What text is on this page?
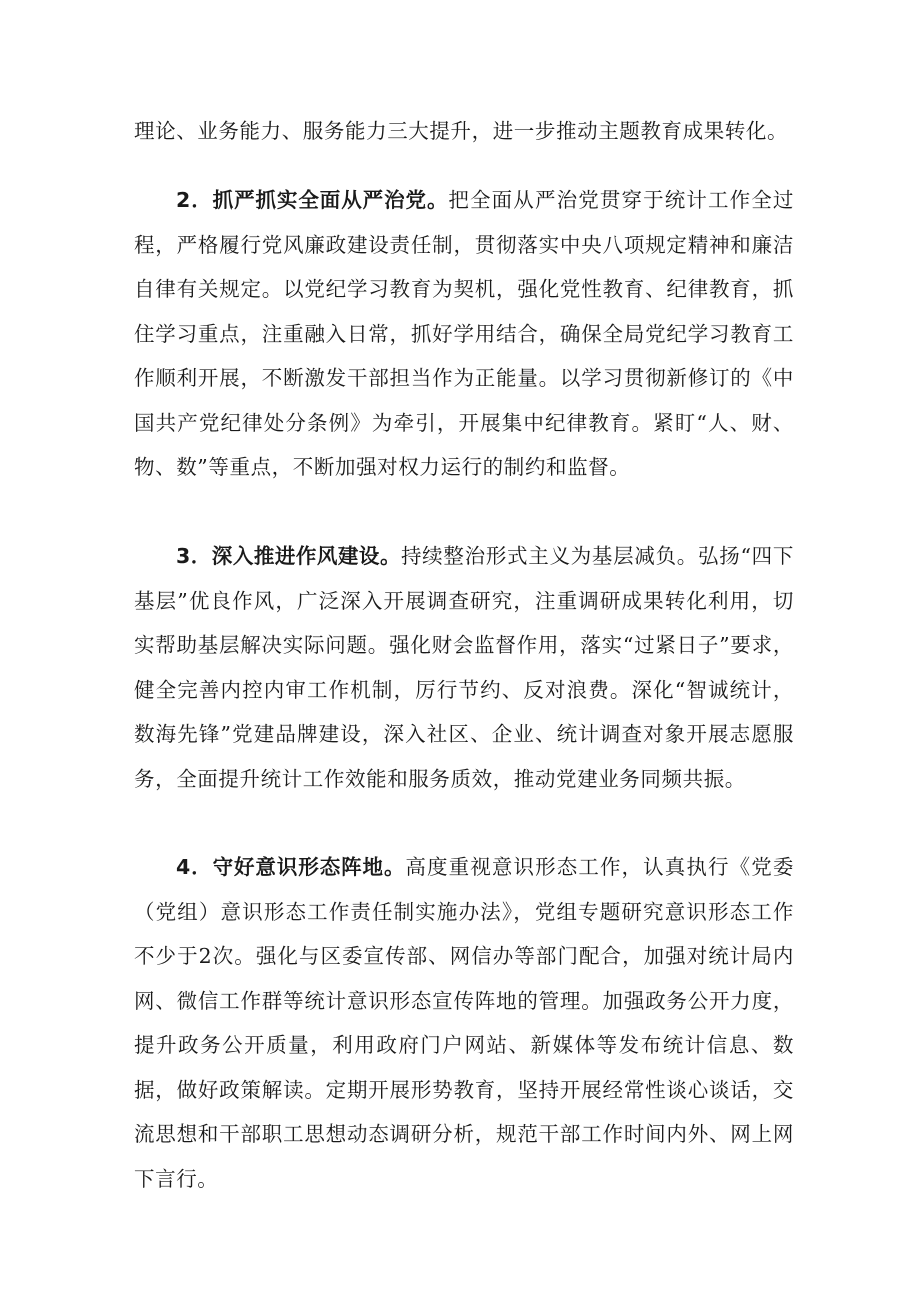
理论、业务能力、服务能力三大提升，进一步推动主题教育成果转化。

2．抓严抓实全面从严治党。把全面从严治党贯穿于统计工作全过程，严格履行党风廉政建设责任制，贯彻落实中央八项规定精神和廉洁自律有关规定。以党纪学习教育为契机，强化党性教育、纪律教育，抓住学习重点，注重融入日常，抓好学用结合，确保全局党纪学习教育工作顺利开展，不断激发干部担当作为正能量。以学习贯彻新修订的《中国共产党纪律处分条例》为牵引，开展集中纪律教育。紧盯“人、财、物、数”等重点，不断加强对权力运行的制约和监督。

3．深入推进作风建设。持续整治形式主义为基层减负。弘扬“四下基层”优良作风，广泛深入开展调查研究，注重调研成果转化利用，切实帮助基层解决实际问题。强化财会监督作用，落实“过紧日子”要求，健全完善内控内审工作机制，厉行节约、反对浪费。深化“智诚统计，数海先锋”党建品牌建设，深入社区、企业、统计调查对象开展志愿服务，全面提升统计工作效能和服务质效，推动党建业务同频共振。

4．守好意识形态阵地。高度重视意识形态工作，认真执行《党委（党组）意识形态工作责任制实施办法》，党组专题研究意识形态工作不少于2次。强化与区委宣传部、网信办等部门配合，加强对统计局内网、微信工作群等统计意识形态宣传阵地的管理。加强政务公开力度，提升政务公开质量，利用政府门户网站、新媒体等发布统计信息、数据，做好政策解读。定期开展形势教育，坚持开展经常性谈心谈话，交流思想和干部职工思想动态调研分析，规范干部工作时间内外、网上网下言行。
